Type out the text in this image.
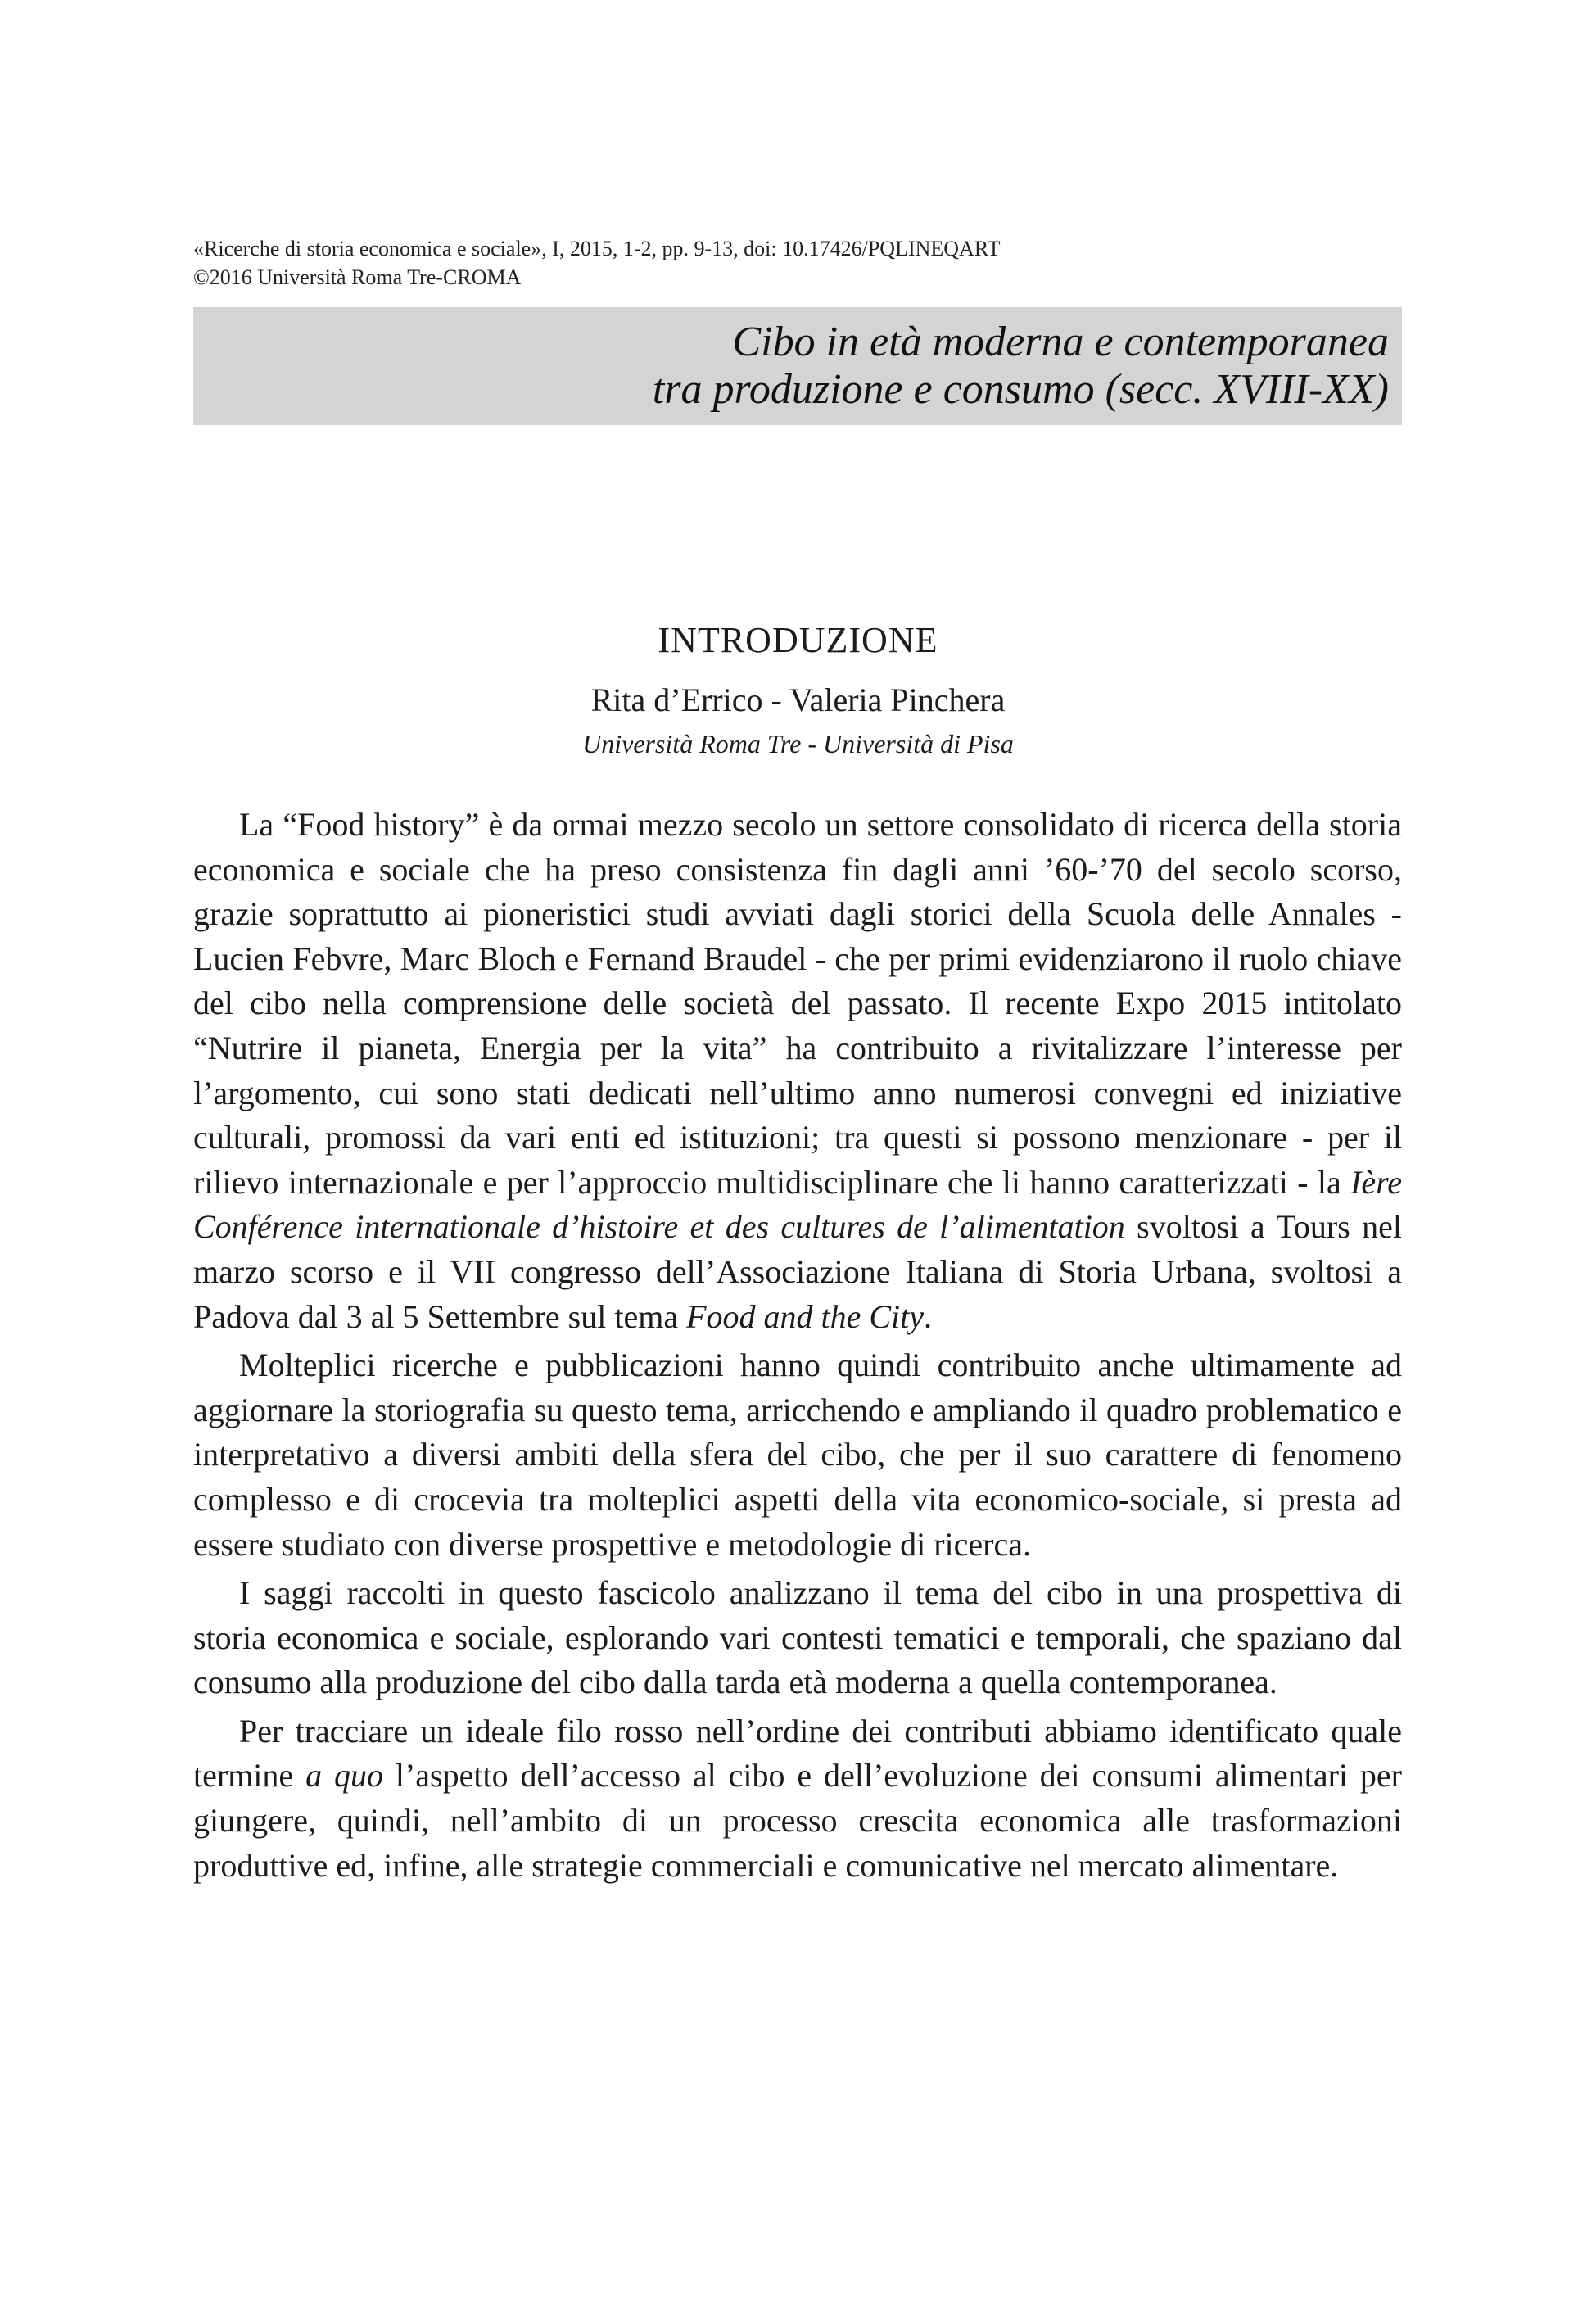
«Ricerche di storia economica e sociale», I, 2015, 1-2, pp. 9-13, doi: 10.17426/PQLINEQART
©2016 Università Roma Tre-CROMA
Cibo in età moderna e contemporanea
tra produzione e consumo (secc. XVIII-XX)
INTRODUZIONE
Rita d’Errico - Valeria Pinchera
Università Roma Tre - Università di Pisa

La “Food history” è da ormai mezzo secolo un settore consolidato di ricerca della storia economica e sociale che ha preso consistenza fin dagli anni ’60-’70 del secolo scorso, grazie soprattutto ai pioneristici studi avviati dagli storici della Scuola delle Annales - Lucien Febvre, Marc Bloch e Fernand Braudel - che per primi evidenziarono il ruolo chiave del cibo nella comprensione delle società del passato. Il recente Expo 2015 intitolato “Nutrire il pianeta, Energia per la vita” ha contribuito a rivitalizzare l’interesse per l’argomento, cui sono stati dedicati nell’ultimo anno numerosi convegni ed iniziative culturali, promossi da vari enti ed istituzioni; tra questi si possono menzionare - per il rilievo internazionale e per l’approccio multidisciplinare che li hanno caratterizzati - la Ière Conférence internationale d’histoire et des cultures de l’alimentation svoltosi a Tours nel marzo scorso e il VII congresso dell’Associazione Italiana di Storia Urbana, svoltosi a Padova dal 3 al 5 Settembre sul tema Food and the City.

Molteplici ricerche e pubblicazioni hanno quindi contribuito anche ultimamente ad aggiornare la storiografia su questo tema, arricchendo e ampliando il quadro problematico e interpretativo a diversi ambiti della sfera del cibo, che per il suo carattere di fenomeno complesso e di crocevia tra molteplici aspetti della vita economico-sociale, si presta ad essere studiato con diverse prospettive e metodologie di ricerca.

I saggi raccolti in questo fascicolo analizzano il tema del cibo in una prospettiva di storia economica e sociale, esplorando vari contesti tematici e temporali, che spaziano dal consumo alla produzione del cibo dalla tarda età moderna a quella contemporanea.

Per tracciare un ideale filo rosso nell’ordine dei contributi abbiamo identificato quale termine a quo l’aspetto dell’accesso al cibo e dell’evoluzione dei consumi alimentari per giungere, quindi, nell’ambito di un processo crescita economica alle trasformazioni produttive ed, infine, alle strategie commerciali e comunicative nel mercato alimentare.
